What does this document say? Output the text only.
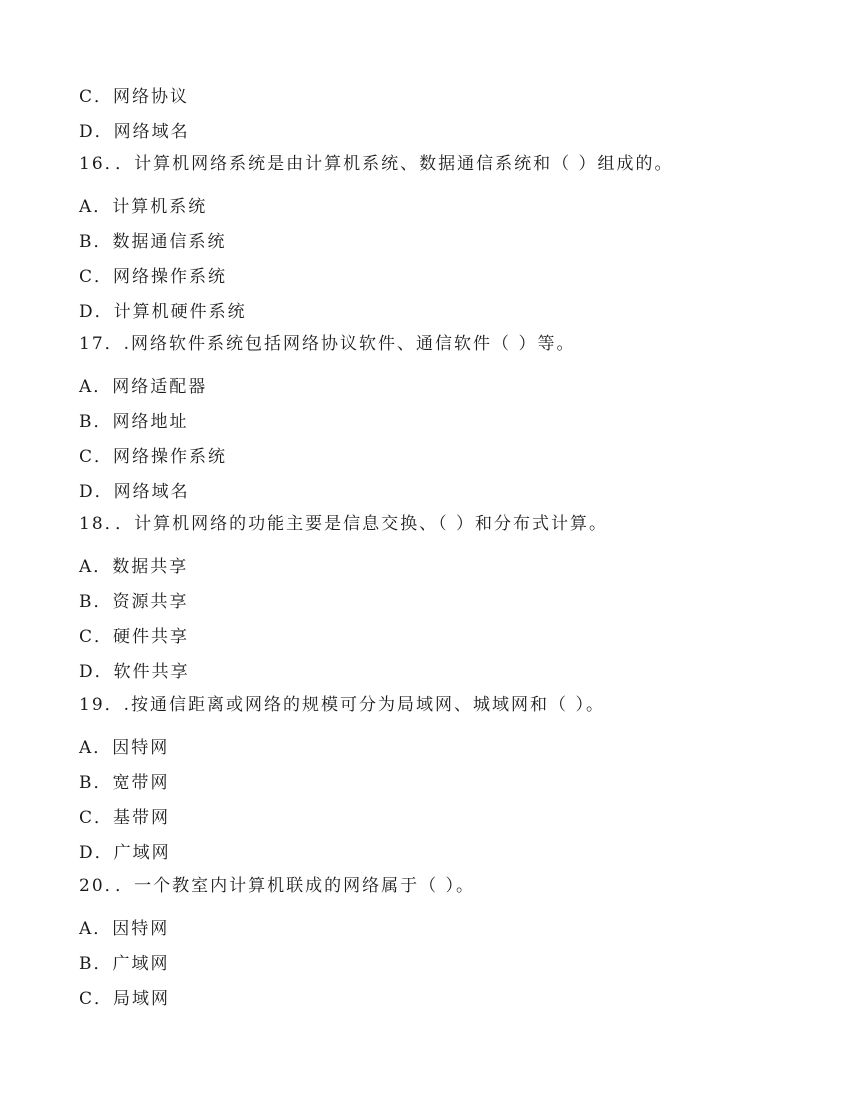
C．网络协议
D．网络域名
16．．计算机网络系统是由计算机系统、数据通信系统和（ ）组成的。
A．计算机系统
B．数据通信系统
C．网络操作系统
D．计算机硬件系统
17．.网络软件系统包括网络协议软件、通信软件（ ）等。
A．网络适配器
B．网络地址
C．网络操作系统
D．网络域名
18．．计算机网络的功能主要是信息交换、（ ）和分布式计算。
A．数据共享
B．资源共享
C．硬件共享
D．软件共享
19．.按通信距离或网络的规模可分为局域网、城域网和（ ）。
A．因特网
B．宽带网
C．基带网
D．广域网
20．．一个教室内计算机联成的网络属于（ ）。
A．因特网
B．广域网
C．局域网
